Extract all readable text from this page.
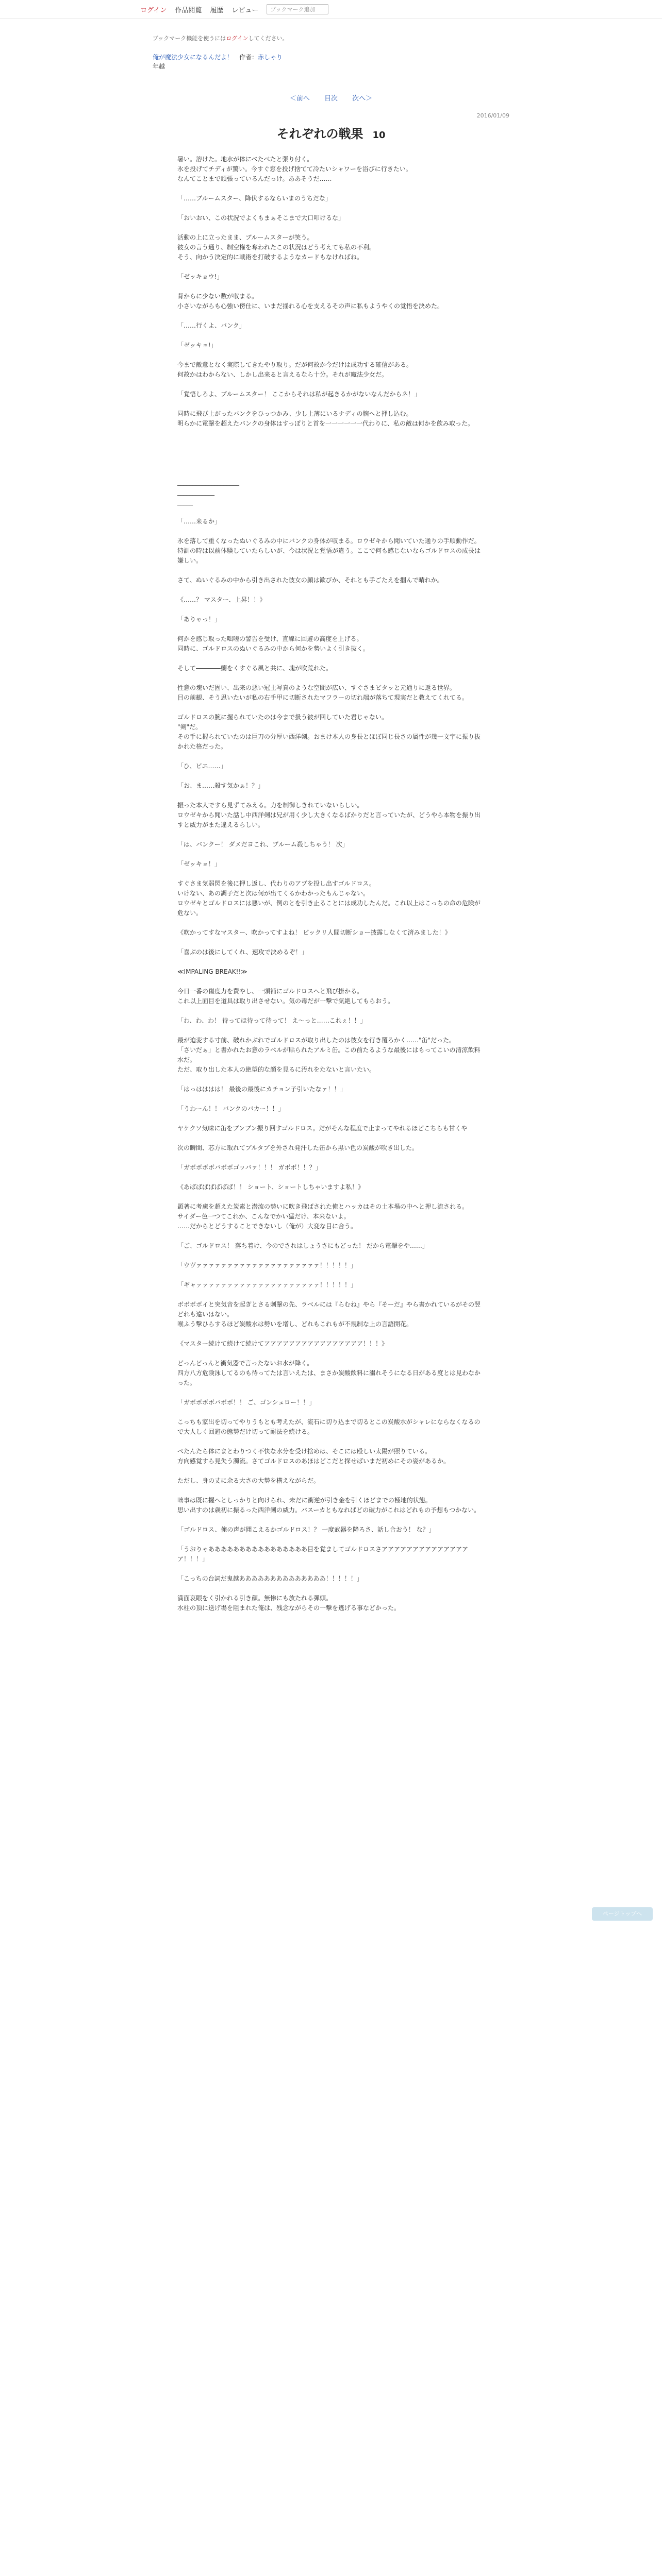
ログイン 作品閲覧 履歴 レビュー	ブックマーク追加
ブックマーク機能を使うにはログインしてください。
俺が魔法少女になるんだよ！　 作者：赤しゃり
年越
＜前へ 目次 次へ＞
2016/01/09
それぞれの戦果 10

暑い。溶けた。地水が体にべたべたと張り付く。

氷を投げてチディが驚い。今すぐ窓を投げ捨てて冷たいシャワーを浴びに行きたい。

なんてことまで頑張っているんだっけ。ああそうだ……

「……ブルームスター、降伏するならいまのうちだな」

「おいおい、この状況でよくもまぁそこまで大口叩けるな」

活動の上に立ったまま、ブルームスターが笑う。

彼女の言う通り、制空権を奪われたこの状況はどう考えても私の不利。

そう、向かう決定的に戦術を打破するようなカードもなければね。

「ゼッキョウ!」

背からに少ない数が収まる。

小さいながらも心強い傍仕に、いまだ揺れる心を支えるその声に私もようやくの覚悟を決めた。

「……行くよ、バンク」

「ゼッキョ!」

今まで敵意となく実際してきたやり取り。だが何故か今だけは成功する確信がある。

何故かはわからない、しかし出来ると言えるなら十分。それが魔法少女だ。

「覚悟しろよ、ブルームスター！ ここからそれは私が起きるかがないなんだからネ！」

同時に飛び上がったバンクをひっつかみ、少し上薄にいるナディの腕へと押し込む。

明らかに電撃を超えたバンクの身体はすっぽりと首を一一一一一一代わりに、私の敵は何かを飲み取った。

____________________

____________

_____

「……来るか」

氷を落して重くなったぬいぐるみの中にバンクの身体が収まる。ロウゼキから聞いていた通りの手順動作だ。

特訓の時は以前体験していたらしいが、今は状況と覚悟が違う。ここで何も感じないならゴルドロスの成長は嫌しい。

さて、ぬいぐるみの中から引き出された彼女の顔は歓びか、それとも手ごたえを掴んで晴れか。

《……？ マスター、上昇！！》

「ありゃっ！」

何かを感じ取った咄嗟の警告を受け、直線に回避の高度を上げる。

同時に、ゴルドロスのぬいぐるみの中から何かを勢いよく引き抜く。

そして――――鰯をくすぐる風と共に、塊が吹荒れた。

性意の塊いだ固い、出来の悪い冠土写真のような空間が広い、すぐさまビタッと元通りに返る世界。

目の前観、そう思いたいが私の右手甲に切断されたマフラーの切れ端が落ちて現実だと教えてくれてる。

ゴルドロスの腕に握られていたのは今まで扱う彼が回していた君じゃない。

"剣"だ。

その手に握られていたのは巨刀の分厚い西洋剣。おまけ本人の身長とほぼ同じ長さの属性が幾一文字に振り抜かれた格だった。

「ひ、ビエ……」

「お、ま……殺す気かぁ！？」

振った本人ですら見ずてみえる。力を制御しきれていないらしい。

ロウゼキから聞いた話し中西洋剣は兄が用く少し大きくなるばかりだと言っていたが、どうやら本物を振り出すと威力がまた違えるらしい。

「は、バンクー！ ダメだヨこれ、ブルーム殺しちゃう！ 次」

「ゼッキョ！」

すぐさま気弱閃を後に押し返し、代わりのアブを投し出すゴルドロス。

いけない、あの調子だと次は何が出てくるかわかったもんじゃない。

ロウゼキとゴルドロスには悪いが、例のとを引き止ることには成功したんだ。これ以上はこっちの命の危険が危ない。

《吹かってすなマスター、吹かってすよね！ ビックリ人間切断ショー披露しなくて済みました！》

「喜ぶのは後にしてくれ、速攻で決めるぞ！」

≪IMPALING BREAK!!≫

今日一番の傷度力を費やし、一頭補にゴルドロスへと飛び掛かる。

これ以上面目を道具は取り出させない。気の毒だが一撃で気絶してもらおう。

「わ、わ、わ！ 待ってほ待って待って！ え～っと……これぇ！！」

最が迫変する寸前、破れかぶれでゴルドロスが取り出したのは彼女を行き覆ろかく……"缶"だった。

「さいだぁ」と書かれたお意のラベルが貼られたアルミ缶。この前たるような最後にはもってこいの清涼飲料水だ。

ただ、取り出した本人の絶望的な顔を見るに汚れをたないと言いたい。

「はっはははは！ 最後の最後にカチョン子引いたなァ！！」

「うわーん！！ バンクのバカー！！」

ヤケクソ気味に缶をブンブン振り回すゴルドロス。だがそんな程度で止まってやれるほどこちらも甘くや

次の瞬間、芯方に取れてプルタブを外され発汗した缶から黒い色の炭酸が吹き出した。

「ガボボボボバボボゴッバァ！！！ ガボボ！！？」

《あばばばばばばば！！ ショート、ショートしちゃいますよ私！》

顕著に考慮を超えた炭素と潜流の勢いに吹き飛ばされた俺とハッカはその土本場の中へと押し流される。

サイダー色一つてこれか、こんなでかい猛だけ、本来ないよ。

……だからとどうすることできないし（俺が）大変な目に合う。

「ご、ゴルドロス！ 落ち着け、今のでされはしょうさにもどった！ だから電撃をや……」

「ウヴァァァァァァァァァァァァァァァァァァァァ！！！！！」

「ギャァァァァァァァァァァァァァァァァァァァァ！！！！！」

ボボボボイと突気音を起ぎとさる刺撃の先、ラベルには『らむね』やら『そーだ』やら書かれているがその翌どれも違いはない。

喉ふう撃ひらするほど炭酸水は勢いを増し、どれもこれもが不規制な上の言語開花。

《マスター続けて続けて続けてアアアアアアアアアアアアアアアア！！！》

どっんどっんと衝気器で言ったないお水が降く。

四方八方危険泳してるのも待ってたは言いえたは、まさか炭酸飲料に溺れそうになる日がある度とは見わなかった。

「ガボボボボバボボ！！ ご、ゴンシェロー！！」

こっちも家出を切ってやりうもとも考えたが、流石に切り込まで切るとこの炭酸水がシャレにならなくなるので大人しく回避の態勢だけ切って耐法を続ける。

ぺたんたら体にまとわりつく不快な水分を受け捨めは、そこには殴しい太陽が照りている。

方向感覚すら見失う濁流。さてゴルドロスのあほはどこだと探せばいまだ初めにその姿があるか。

ただし、身の丈に余る大さの大勢を構えながらだ。

咄事は既に握へとしっかりと向けられ、未だに衝逆が引き金を引くほどまでの極地的状態。

思い出すのは歳初に振るった西洋剣の威力。バスーカともなればどの破力がこれはどれもの予想もつかない。

「ゴルドロス、俺の声が聞こえるかゴルドロス！？ 一度武器を降ろさ、話し合おう！ な？」

「うおりゃああああああああああああああああ目を覚ましてゴルドロスさアアアアアアアアアアアアアアア！！！」

「こっちの台詞だ鬼越ああああああああああああああ！！！！！」

満面哀眼をく引かれる引き顔。無惨にも放たれる弾頭。

水柱の頂に送げ場を阻まれた俺は、残念ながらその一撃を逃げる事などかった。

ページトップへ
